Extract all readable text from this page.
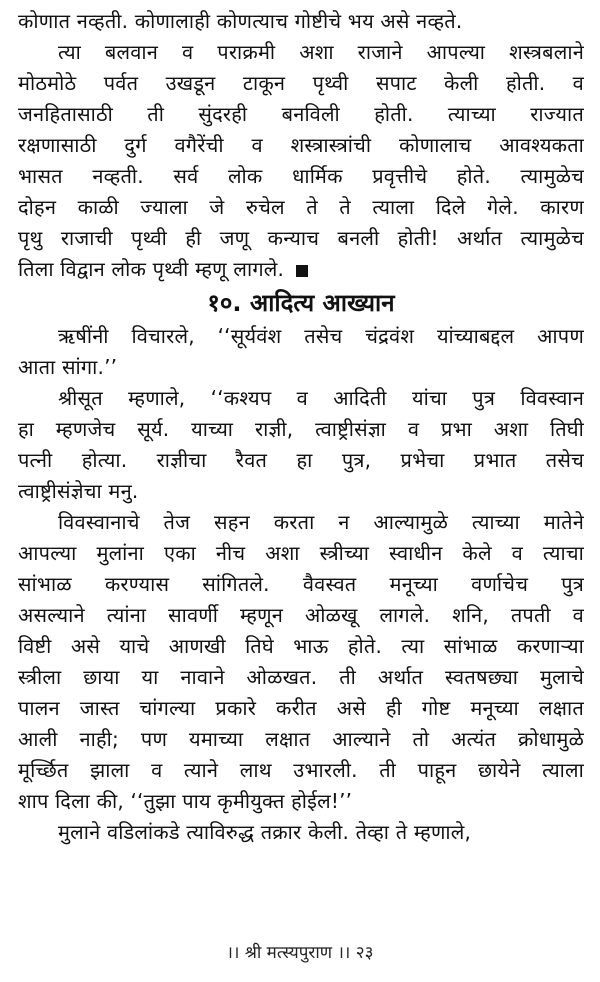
कोणात नव्हती. कोणालाही कोणत्याच गोष्टीचे भय असे नव्हते.
त्या बलवान व पराक्रमी अशा राजाने आपल्या शस्त्रबलाने
मोठमोठे पर्वत उखडून टाकून पृथ्वी सपाट केली होती. व
जनहितासाठी ती सुंदरही बनविली होती. त्याच्या राज्यात
रक्षणासाठी दुर्ग वगैरेंची व शस्त्रास्त्रांची कोणालाच आवश्यकता
भासत नव्हती. सर्व लोक धार्मिक प्रवृत्तीचे होते. त्यामुळेच
दोहन काळी ज्याला जे रुचेल ते ते त्याला दिले गेले. कारण
पृथु राजाची पृथ्वी ही जणू कन्याच बनली होती! अर्थात त्यामुळेच
तिला विद्वान लोक पृथ्वी म्हणू लागले.
१०. आदित्य आख्यान
ऋषींनी विचारले, ‘‘सूर्यवंश तसेच चंद्रवंश यांच्याबद्दल आपण
आता सांगा.’’
श्रीसूत म्हणाले, ‘‘कश्यप व आदिती यांचा पुत्र विवस्वान
हा म्हणजेच सूर्य. याच्या राज्ञी, त्वाष्ट्रीसंज्ञा व प्रभा अशा तिघी
पत्नी होत्या. राज्ञीचा रैवत हा पुत्र, प्रभेचा प्रभात तसेच
त्वाष्ट्रीसंज्ञेचा मनु.
विवस्वानाचे तेज सहन करता न आल्यामुळे त्याच्या मातेने
आपल्या मुलांना एका नीच अशा स्त्रीच्या स्वाधीन केले व त्याचा
सांभाळ करण्यास सांगितले. वैवस्वत मनूच्या वर्णाचेच पुत्र
असल्याने त्यांना सावर्णी म्हणून ओळखू लागले. शनि, तपती व
विष्टी असे याचे आणखी तिघे भाऊ होते. त्या सांभाळ करणाऱ्या
स्त्रीला छाया या नावाने ओळखत. ती अर्थात स्वतषछ्या मुलाचे
पालन जास्त चांगल्या प्रकारे करीत असे ही गोष्ट मनूच्या लक्षात
आली नाही; पण यमाच्या लक्षात आल्याने तो अत्यंत क्रोधामुळे
मूर्च्छित झाला व त्याने लाथ उभारली. ती पाहून छायेने त्याला
शाप दिला की, ‘‘तुझा पाय कृमीयुक्त होईल!’’
मुलाने वडिलांकडे त्याविरुद्ध तक्रार केली. तेव्हा ते म्हणाले,
।। श्री मत्स्यपुराण ।। २३
